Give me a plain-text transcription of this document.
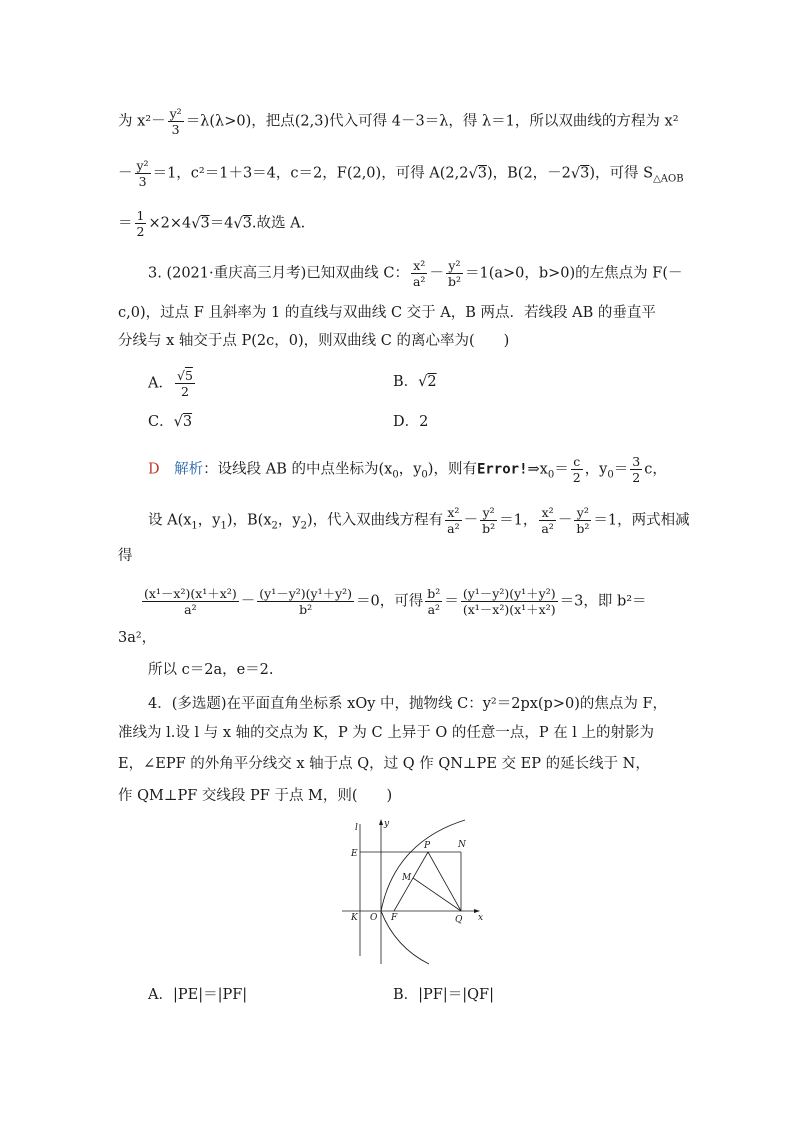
为 $x^2- \frac{\text{y²}}{3} =\lambda(\lambda>0)$，把点(2,3)代入可得 4－3＝λ，得 λ＝1，所以双曲线的方程为 x²
－ $\frac{\text{y²}}{3} =1$，c²＝1＋3＝4，c＝2，F(2,0)，可得 A(2,2 √ 3)，B(2，－2 √ 3)，可得 $S_{\triangle AOB}$
＝ $\frac{1}{2} \times 2\times 4$ √ 3＝4 √ 3.故选 A.
3. (2021·重庆高三月考)已知双曲线 C： $\frac{\text{x²}}{\text{a²}} - \frac{\text{y²}}{\text{b²}} =1(a>0$，b>0)的左焦点为 F(－
c,0)，过点 F 且斜率为 1 的直线与双曲线 C 交于 A，B 两点．若线段 AB 的垂直平
分线与 x 轴交于点 P(2c，0)，则双曲线 C 的离心率为(　　)
A． √ $\frac{5}{2}$	B． √ 2
C． √ 3	D．2
D　 解析：设线段 AB 的中点坐标为($x_0$，$y_0$)，则有$Error!\Rightarrow x_0= \frac{c}{2}$ ，$y_0= \frac{3}{2}$ c，
设 $A(x_1$，$y_1$)，$B(x_2$，$y_2$)，代入双曲线方程有 $\frac{\text{x²}}{\text{a²}} - \frac{\text{y²}}{\text{b²}} =1$， $\frac{\text{x²}}{\text{a²}} - \frac{\text{y²}}{\text{b²}} =1$，两式相减
得
$\frac{\text{(x¹－x²)(x¹＋x²)}}{\text{a²}} - \frac{\text{(y¹－y²)(y¹＋y²)}}{\text{b²}} =0$，可得 $\frac{\text{b²}}{\text{a²}} = \frac{\text{(y¹－y²)(y¹＋y²)}}{\text{(x¹－x²)(x¹＋x²)}} =3$，即 b²＝
3a²，
所以 c＝2a，e＝2.
4．(多选题)在平面直角坐标系 xOy 中，抛物线 C：y²＝2px(p>0)的焦点为 F，
准线为 l.设 l 与 x 轴的交点为 K，P 为 C 上异于 O 的任意一点，P 在 l 上的射影为
E，∠EPF 的外角平分线交 x 轴于点 Q，过 Q 作 QN⊥PE 交 EP 的延长线于 N，
作 QM⊥PF 交线段 PF 于点 M，则(　　)
l	y
E
P	N
M
K O F	Q x
A．|PE|＝|PF|	B．|PF|＝|QF|
